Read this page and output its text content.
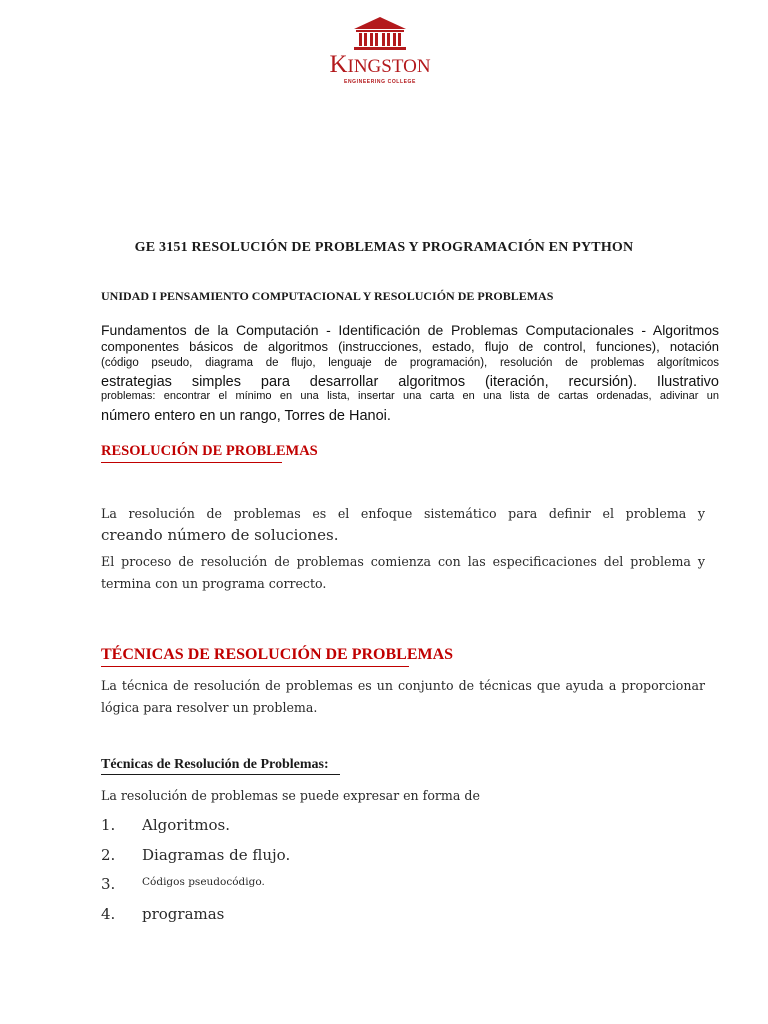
KINGSTON
ENGINEERING COLLEGE
GE 3151 RESOLUCIÓN DE PROBLEMAS Y PROGRAMACIÓN EN PYTHON
UNIDAD I PENSAMIENTO COMPUTACIONAL Y RESOLUCIÓN DE PROBLEMAS
Fundamentos de la Computación - Identificación de Problemas Computacionales - Algoritmos
componentes básicos de algoritmos (instrucciones, estado, flujo de control, funciones), notación
(código pseudo, diagrama de flujo, lenguaje de programación), resolución de problemas algorítmicos
estrategias simples para desarrollar algoritmos (iteración, recursión). Ilustrativo
problemas: encontrar el mínimo en una lista, insertar una carta en una lista de cartas ordenadas, adivinar un
número entero en un rango, Torres de Hanoi.
RESOLUCIÓN DE PROBLEMAS
La resolución de problemas es el enfoque sistemático para definir el problema y
creando número de soluciones.
El proceso de resolución de problemas comienza con las especificaciones del problema y
termina con un programa correcto.
TÉCNICAS DE RESOLUCIÓN DE PROBLEMAS
La técnica de resolución de problemas es un conjunto de técnicas que ayuda a proporcionar
lógica para resolver un problema.
Técnicas de Resolución de Problemas:
La resolución de problemas se puede expresar en forma de
1. Algoritmos.
2. Diagramas de flujo.
3.	Códigos pseudocódigo.
4. programas
